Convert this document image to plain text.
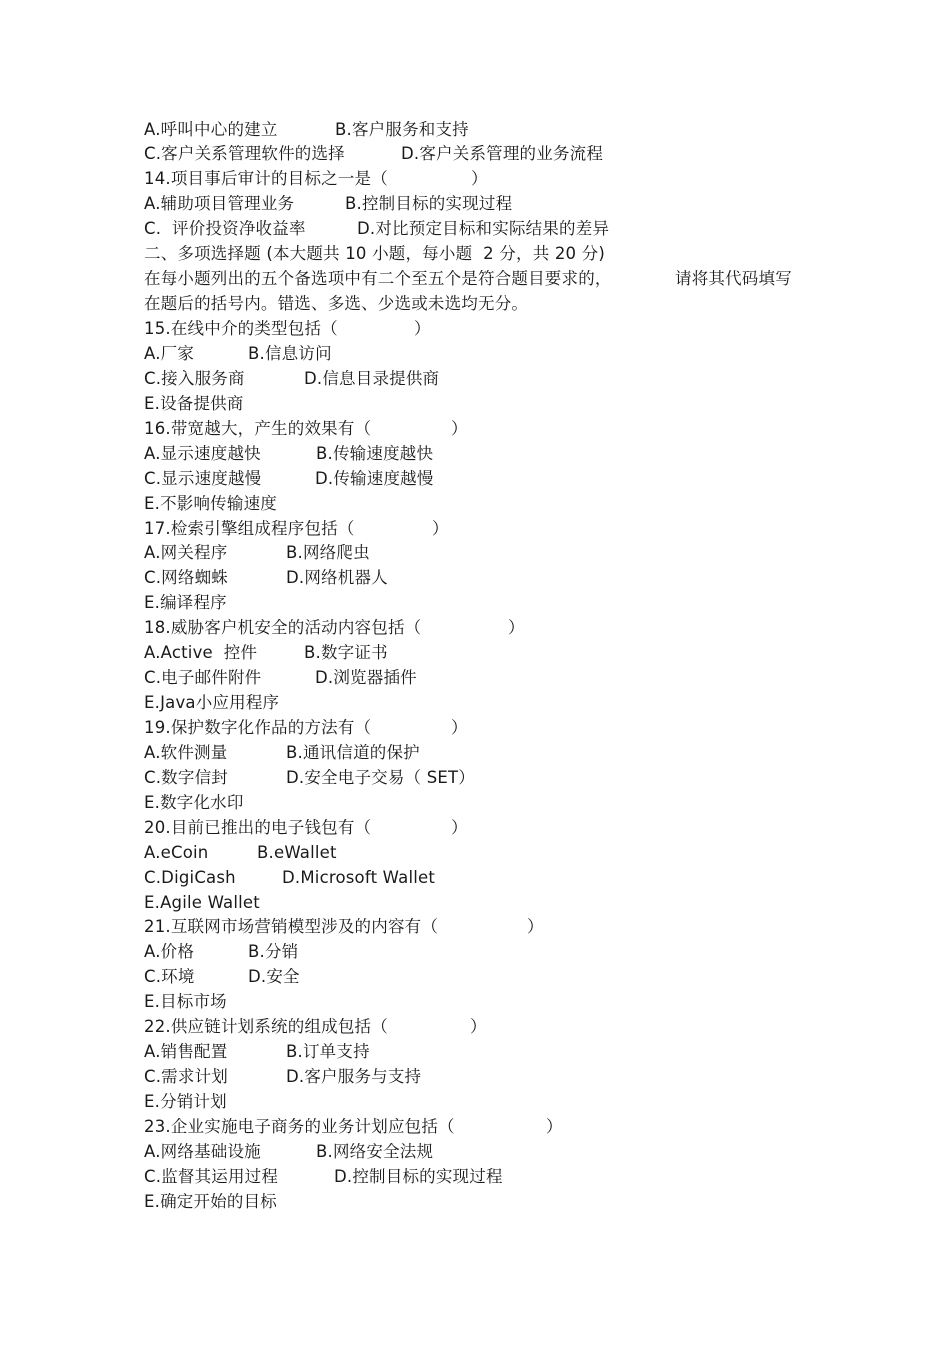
A.呼叫中心的建立

	B.客户服务和支持

C.客户关系管理软件的选择

	D.客户关系管理的业务流程

14.项目事后审计的目标之一是（

	）

A.辅助项目管理业务

	B.控制目标的实现过程

C.  评价投资净收益率

	D.对比预定目标和实际结果的差异

二、多项选择题 (本大题共 10 小题，每小题  2 分，共 20 分)

在每小题列出的五个备选项中有二个至五个是符合题目要求的，

	请将其代码填写

在题后的括号内。错选、多选、少选或未选均无分。

15.在线中介的类型包括（

	）

A.厂家

	B.信息访问

C.接入服务商

	D.信息目录提供商

E.设备提供商

16.带宽越大，产生的效果有（

	）

A.显示速度越快

	B.传输速度越快

C.显示速度越慢

	D.传输速度越慢

E.不影响传输速度

17.检索引擎组成程序包括（

	）

A.网关程序

	B.网络爬虫

C.网络蜘蛛

	D.网络机器人

E.编译程序

18.威胁客户机安全的活动内容包括（

	）

A.Active  控件

	B.数字证书

C.电子邮件附件

	D.浏览器插件

E.Java小应用程序

19.保护数字化作品的方法有（

	）

A.软件测量

	B.通讯信道的保护

C.数字信封

	D.安全电子交易（ SET）

E.数字化水印

20.目前已推出的电子钱包有（

	）

A.eCoin

	B.eWallet

C.DigiCash

	D.Microsoft Wallet

E.Agile Wallet

21.互联网市场营销模型涉及的内容有（

	）

A.价格

	B.分销

C.环境

	D.安全

E.目标市场

22.供应链计划系统的组成包括（

	）

A.销售配置

	B.订单支持

C.需求计划

	D.客户服务与支持

E.分销计划

23.企业实施电子商务的业务计划应包括（

	）

A.网络基础设施

	B.网络安全法规

C.监督其运用过程

	D.控制目标的实现过程

E.确定开始的目标
